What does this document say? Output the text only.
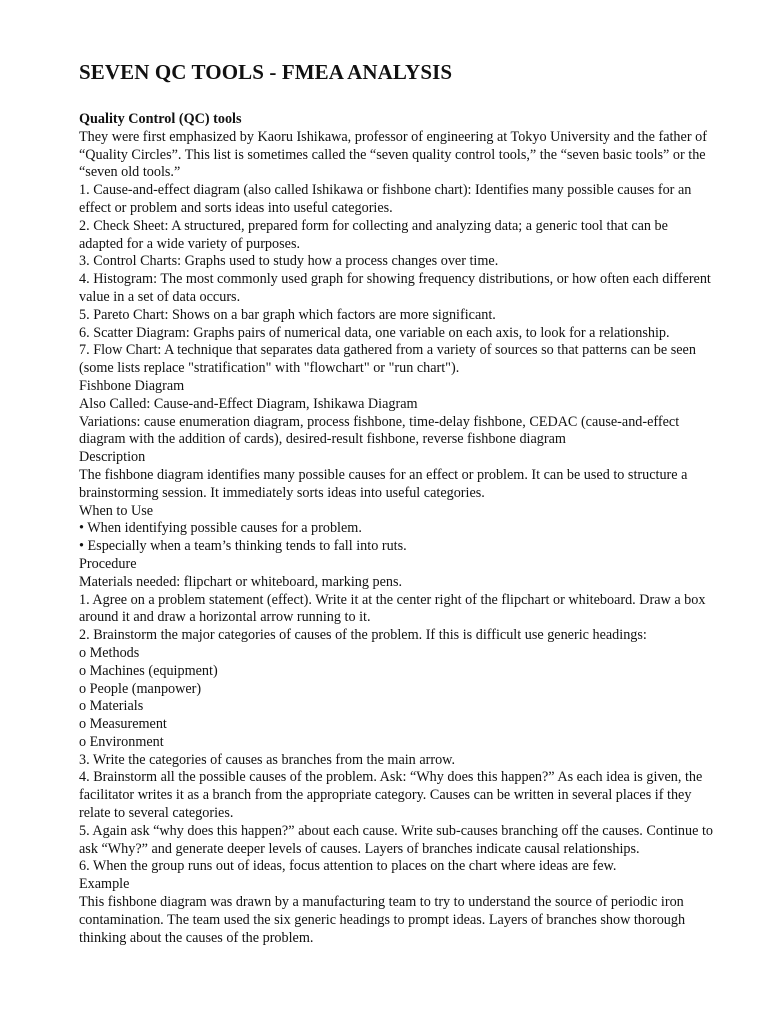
SEVEN QC TOOLS - FMEA ANALYSIS
Quality Control (QC) tools
They were first emphasized by Kaoru Ishikawa, professor of engineering at Tokyo University and the father of “Quality Circles”. This list is sometimes called the “seven quality control tools,” the “seven basic tools” or the “seven old tools.”
1. Cause-and-effect diagram (also called Ishikawa or fishbone chart): Identifies many possible causes for an effect or problem and sorts ideas into useful categories.
2. Check Sheet: A structured, prepared form for collecting and analyzing data; a generic tool that can be adapted for a wide variety of purposes.
3. Control Charts: Graphs used to study how a process changes over time.
4. Histogram: The most commonly used graph for showing frequency distributions, or how often each different value in a set of data occurs.
5. Pareto Chart: Shows on a bar graph which factors are more significant.
6. Scatter Diagram: Graphs pairs of numerical data, one variable on each axis, to look for a relationship.
7. Flow Chart: A technique that separates data gathered from a variety of sources so that patterns can be seen (some lists replace "stratification" with "flowchart" or "run chart").
Fishbone Diagram
Also Called: Cause-and-Effect Diagram, Ishikawa Diagram
Variations: cause enumeration diagram, process fishbone, time-delay fishbone, CEDAC (cause-and-effect diagram with the addition of cards), desired-result fishbone, reverse fishbone diagram
Description
The fishbone diagram identifies many possible causes for an effect or problem. It can be used to structure a brainstorming session. It immediately sorts ideas into useful categories.
When to Use
• When identifying possible causes for a problem.
• Especially when a team’s thinking tends to fall into ruts.
Procedure
Materials needed: flipchart or whiteboard, marking pens.
1. Agree on a problem statement (effect). Write it at the center right of the flipchart or whiteboard. Draw a box around it and draw a horizontal arrow running to it.
2. Brainstorm the major categories of causes of the problem. If this is difficult use generic headings:
o Methods
o Machines (equipment)
o People (manpower)
o Materials
o Measurement
o Environment
3. Write the categories of causes as branches from the main arrow.
4. Brainstorm all the possible causes of the problem. Ask: “Why does this happen?” As each idea is given, the facilitator writes it as a branch from the appropriate category. Causes can be written in several places if they relate to several categories.
5. Again ask “why does this happen?” about each cause. Write sub-causes branching off the causes. Continue to ask “Why?” and generate deeper levels of causes. Layers of branches indicate causal relationships.
6. When the group runs out of ideas, focus attention to places on the chart where ideas are few.
Example
This fishbone diagram was drawn by a manufacturing team to try to understand the source of periodic iron contamination. The team used the six generic headings to prompt ideas. Layers of branches show thorough thinking about the causes of the problem.
